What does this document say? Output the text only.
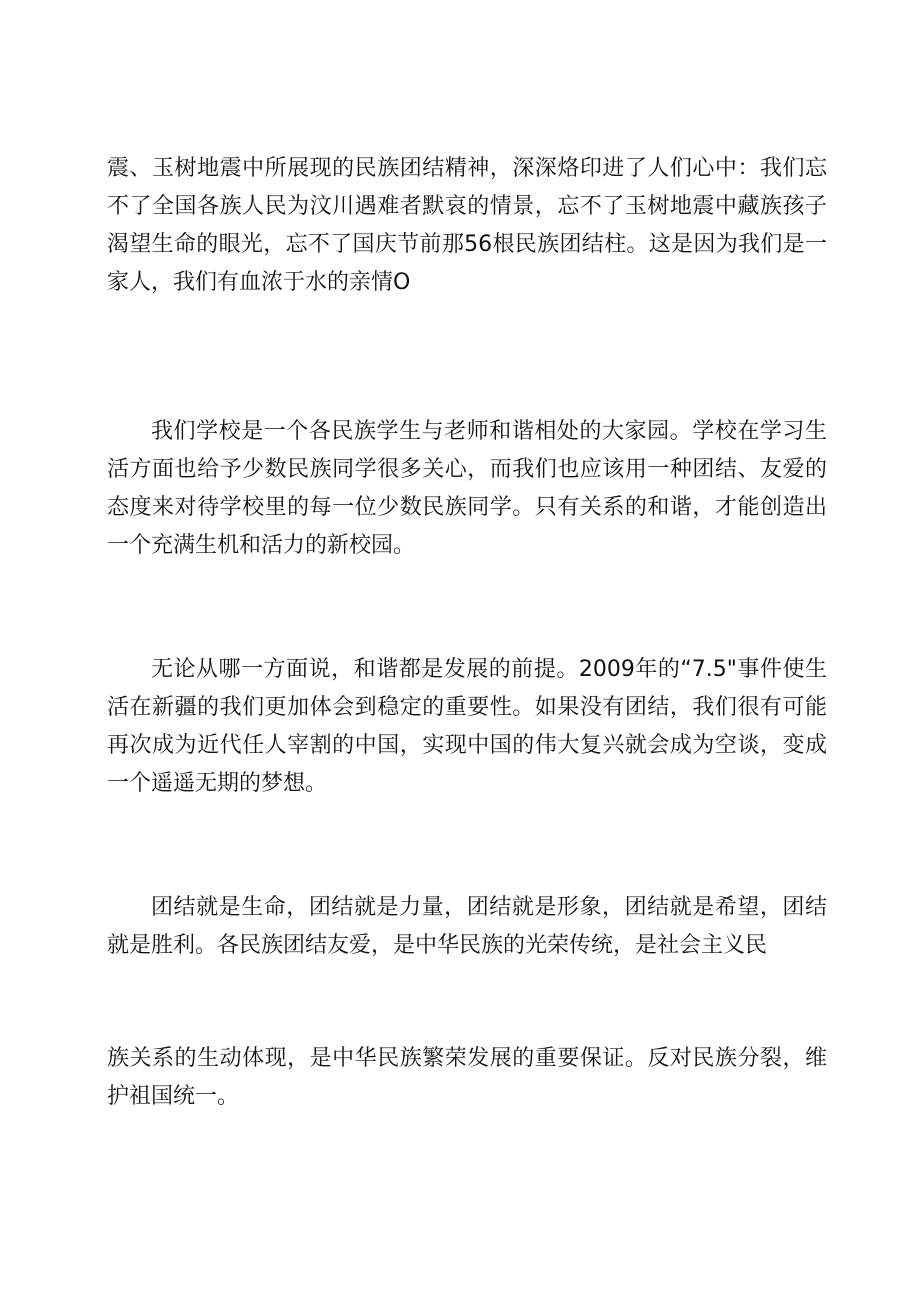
震、玉树地震中所展现的民族团结精神，深深烙印进了人们心中：我们忘不了全国各族人民为汶川遇难者默哀的情景，忘不了玉树地震中藏族孩子渴望生命的眼光，忘不了国庆节前那56根民族团结柱。这是因为我们是一家人，我们有血浓于水的亲情O

我们学校是一个各民族学生与老师和谐相处的大家园。学校在学习生活方面也给予少数民族同学很多关心，而我们也应该用一种团结、友爱的态度来对待学校里的每一位少数民族同学。只有关系的和谐，才能创造出一个充满生机和活力的新校园。

无论从哪一方面说，和谐都是发展的前提。2009年的“7.5"事件使生活在新疆的我们更加体会到稳定的重要性。如果没有团结，我们很有可能再次成为近代任人宰割的中国，实现中国的伟大复兴就会成为空谈，变成一个遥遥无期的梦想。

团结就是生命，团结就是力量，团结就是形象，团结就是希望，团结就是胜利。各民族团结友爱，是中华民族的光荣传统，是社会主义民

族关系的生动体现，是中华民族繁荣发展的重要保证。反对民族分裂，维护祖国统一。
